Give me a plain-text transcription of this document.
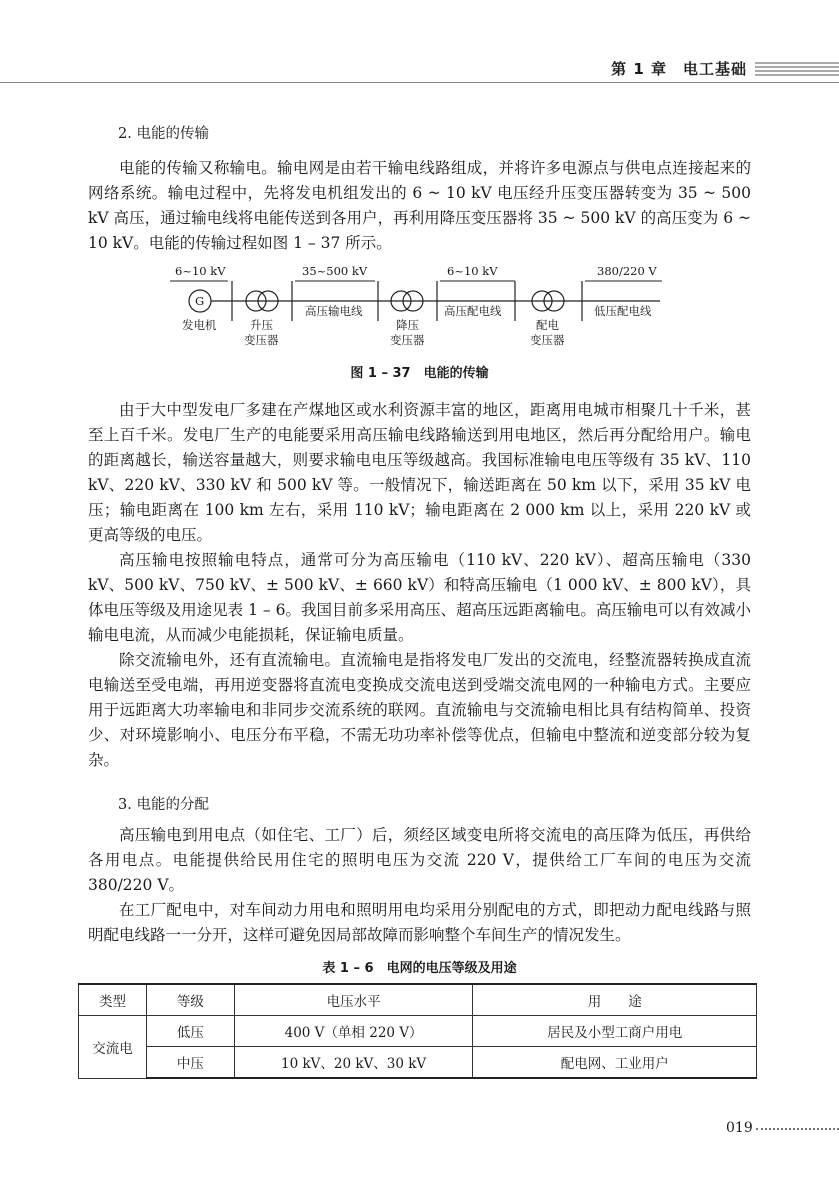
第 1 章　电工基础
2. 电能的传输

电能的传输又称输电。输电网是由若干输电线路组成，并将许多电源点与供电点连接起来的网络系统。输电过程中，先将发电机组发出的 6 ~ 10 kV 电压经升压变压器转变为 35 ~ 500 kV 高压，通过输电线将电能传送到各用户，再利用降压变压器将 35 ~ 500 kV 的高压变为 6 ~ 10 kV。电能的传输过程如图 1 – 37 所示。

6~10 kV	35~500 kV	6~10 kV	380/220 V
G
发电机	升压
变压器
高压输电线
降压
变压器
高压配电线
配电
变压器
低压配电线
图 1 – 37　电能的传输

由于大中型发电厂多建在产煤地区或水利资源丰富的地区，距离用电城市相聚几十千米，甚至上百千米。发电厂生产的电能要采用高压输电线路输送到用电地区，然后再分配给用户。输电的距离越长，输送容量越大，则要求输电电压等级越高。我国标准输电电压等级有 35 kV、110 kV、220 kV、330 kV 和 500 kV 等。一般情况下，输送距离在 50 km 以下，采用 35 kV 电压；输电距离在 100 km 左右，采用 110 kV；输电距离在 2 000 km 以上，采用 220 kV 或更高等级的电压。

高压输电按照输电特点，通常可分为高压输电（110 kV、220 kV）、超高压输电（330 kV、500 kV、750 kV、± 500 kV、± 660 kV）和特高压输电（1 000 kV、± 800 kV），具体电压等级及用途见表 1 – 6。我国目前多采用高压、超高压远距离输电。高压输电可以有效减小输电电流，从而减少电能损耗，保证输电质量。

除交流输电外，还有直流输电。直流输电是指将发电厂发出的交流电，经整流器转换成直流电输送至受电端，再用逆变器将直流电变换成交流电送到受端交流电网的一种输电方式。主要应用于远距离大功率输电和非同步交流系统的联网。直流输电与交流输电相比具有结构简单、投资少、对环境影响小、电压分布平稳，不需无功功率补偿等优点，但输电中整流和逆变部分较为复杂。

3. 电能的分配

高压输电到用电点（如住宅、工厂）后，须经区域变电所将交流电的高压降为低压，再供给各用电点。电能提供给民用住宅的照明电压为交流 220 V，提供给工厂车间的电压为交流 380/220 V。

在工厂配电中，对车间动力用电和照明用电均采用分别配电的方式，即把动力配电线路与照明配电线路一一分开，这样可避免因局部故障而影响整个车间生产的情况发生。

表 1 – 6　电网的电压等级及用途
类型	等级	电压水平	用　　途
交流电	低压	400 V（单相 220 V）	居民及小型工商户用电
	中压	10 kV、20 kV、30 kV	配电网、工业用户
019
